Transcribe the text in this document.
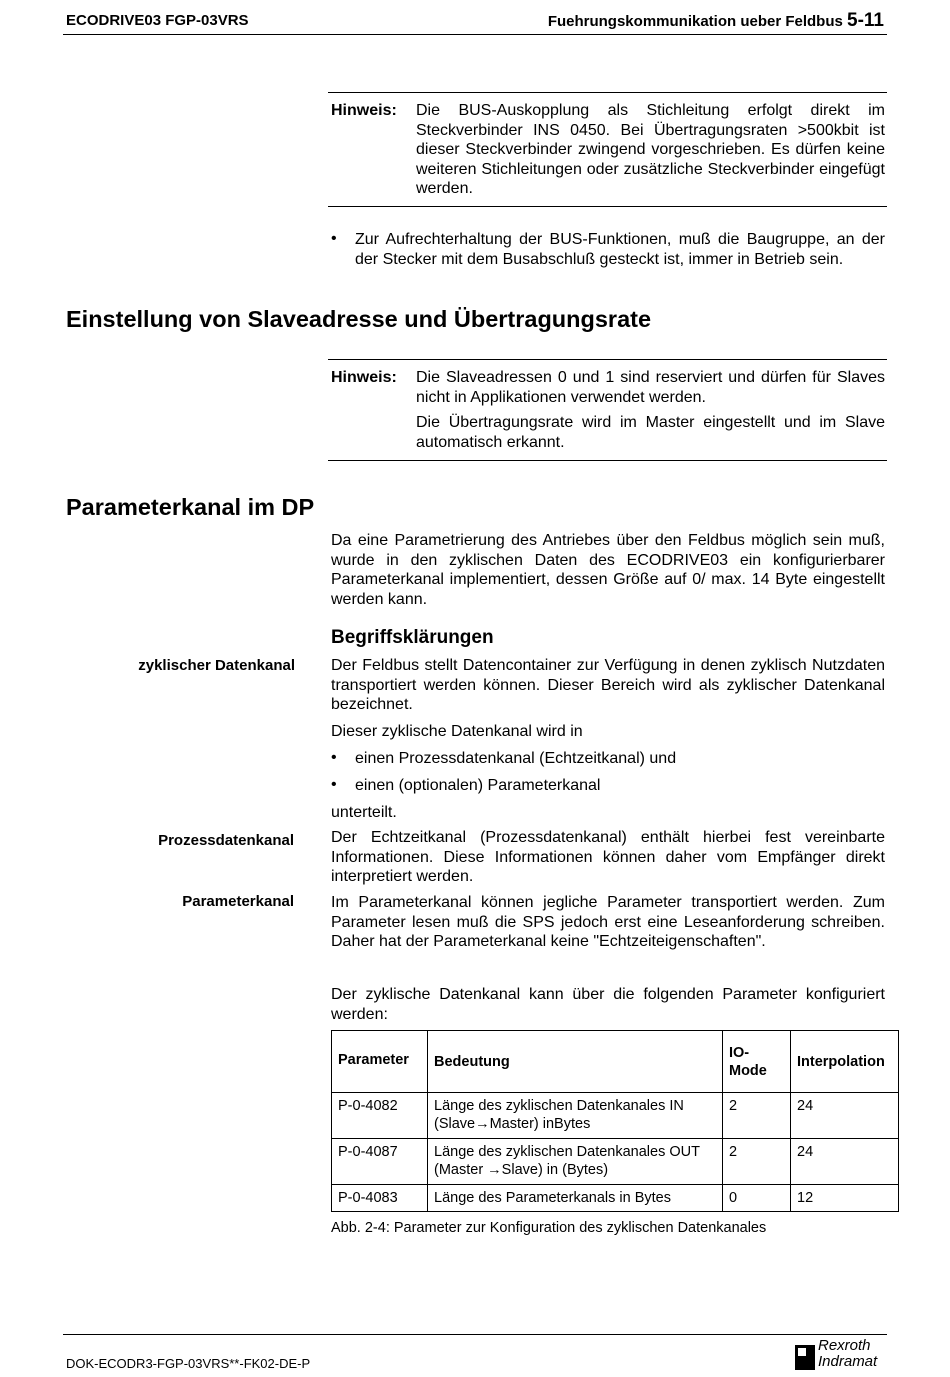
ECODRIVE03 FGP-03VRS	Fuehrungskommunikation ueber Feldbus 5-11
Hinweis: Die BUS-Auskopplung als Stichleitung erfolgt direkt im Steckverbinder INS 0450. Bei Übertragungsraten >500kbit ist dieser Steckverbinder zwingend vorgeschrieben. Es dürfen keine weiteren Stichleitungen oder zusätzliche Steckverbinder eingefügt werden.
• Zur Aufrechterhaltung der BUS-Funktionen, muß die Baugruppe, an der der Stecker mit dem Busabschluß gesteckt ist, immer in Betrieb sein.
Einstellung von Slaveadresse und Übertragungsrate
Hinweis: Die Slaveadressen 0 und 1 sind reserviert und dürfen für Slaves nicht in Applikationen verwendet werden.
Die Übertragungsrate wird im Master eingestellt und im Slave automatisch erkannt.
Parameterkanal im DP
Da eine Parametrierung des Antriebes über den Feldbus möglich sein muß, wurde in den zyklischen Daten des ECODRIVE03 ein konfigurierbarer Parameterkanal implementiert, dessen Größe auf 0/ max. 14 Byte eingestellt werden kann.
Begriffsklärungen
zyklischer Datenkanal
Prozessdatenkanal
Parameterkanal
Der Feldbus stellt Datencontainer zur Verfügung in denen zyklisch Nutzdaten transportiert werden können. Dieser Bereich wird als zyklischer Datenkanal bezeichnet.
Dieser zyklische Datenkanal wird in
• einen Prozessdatenkanal (Echtzeitkanal) und
• einen (optionalen) Parameterkanal
unterteilt.
Der Echtzeitkanal (Prozessdatenkanal) enthält hierbei fest vereinbarte Informationen. Diese Informationen können daher vom Empfänger direkt interpretiert werden.
Im Parameterkanal können jegliche Parameter transportiert werden. Zum Parameter lesen muß die SPS jedoch erst eine Leseanforderung schreiben. Daher hat der Parameterkanal keine "Echtzeiteigenschaften".
Der zyklische Datenkanal kann über die folgenden Parameter konfiguriert werden:
Parameter	Bedeutung	IO-Mode	Interpolation
P-0-4082	Länge des zyklischen Datenkanales IN (Slave→Master) inBytes	2	24
P-0-4087	Länge des zyklischen Datenkanales OUT (Master →Slave) in (Bytes)	2	24
P-0-4083	Länge des Parameterkanals in Bytes	0	12
Abb. 2-4: Parameter zur Konfiguration des zyklischen Datenkanales
DOK-ECODR3-FGP-03VRS**-FK02-DE-P
Rexroth
Indramat
